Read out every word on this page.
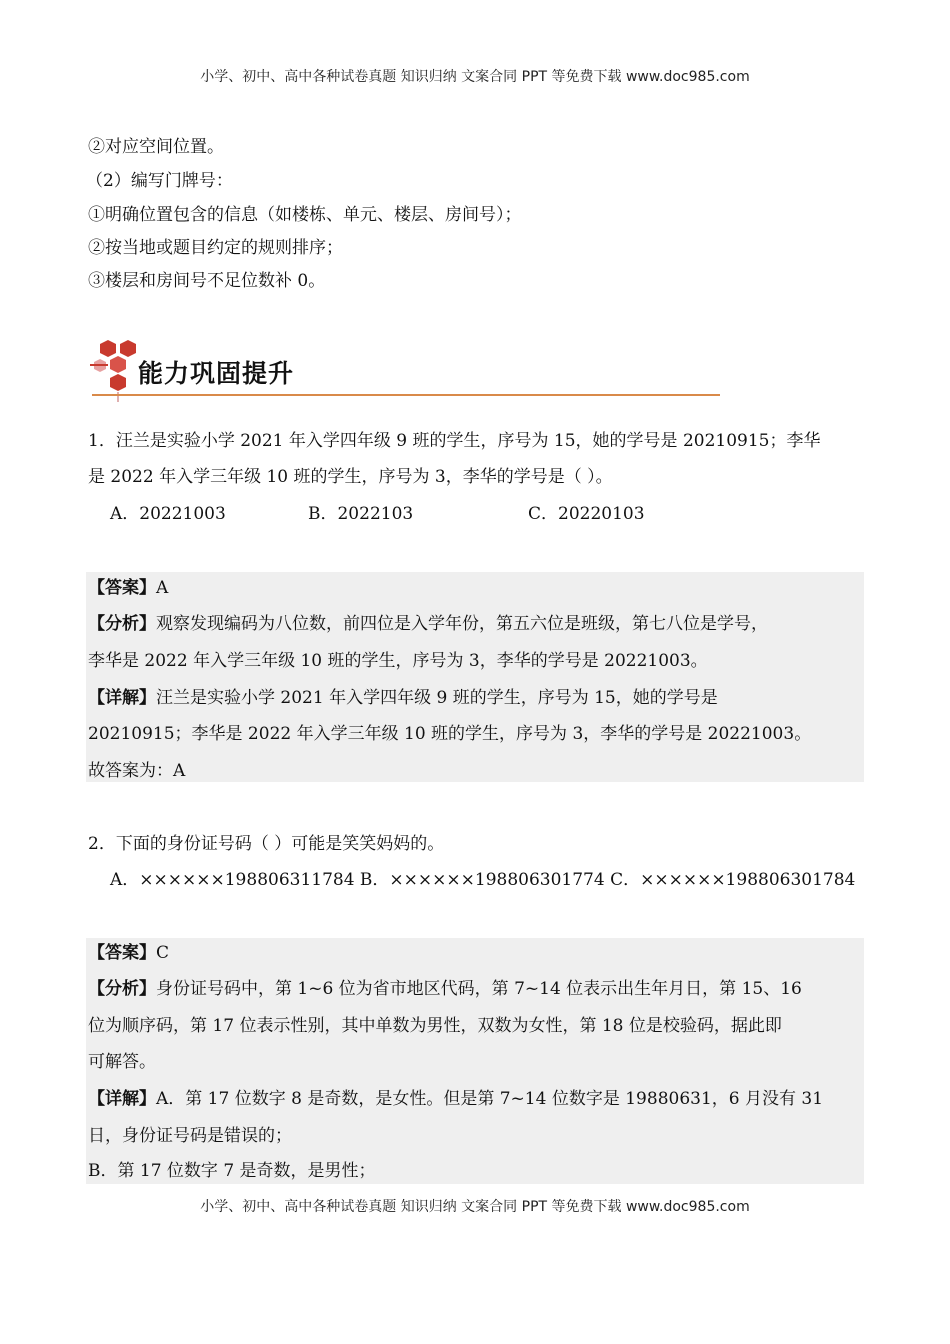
小学、初中、高中各种试卷真题 知识归纳 文案合同 PPT 等免费下载 www.doc985.com
②对应空间位置。
（2）编写门牌号：
①明确位置包含的信息（如楼栋、单元、楼层、房间号）；
②按当地或题目约定的规则排序；
③楼层和房间号不足位数补 0。
能力巩固提升
1．汪兰是实验小学 2021 年入学四年级 9 班的学生，序号为 15，她的学号是 20210915；李华
是 2022 年入学三年级 10 班的学生，序号为 3，李华的学号是（ ）。
A．20221003	B．2022103	C．20220103
【答案】A
【分析】观察发现编码为八位数，前四位是入学年份，第五六位是班级，第七八位是学号，
李华是 2022 年入学三年级 10 班的学生，序号为 3，李华的学号是 20221003。
【详解】汪兰是实验小学 2021 年入学四年级 9 班的学生，序号为 15，她的学号是
20210915；李华是 2022 年入学三年级 10 班的学生，序号为 3，李华的学号是 20221003。
故答案为：A
2．下面的身份证号码（ ）可能是笑笑妈妈的。
A．××××××198806311784 B．××××××198806301774 C．××××××198806301784
【答案】C
【分析】身份证号码中，第 1~6 位为省市地区代码，第 7~14 位表示出生年月日，第 15、16
位为顺序码，第 17 位表示性别，其中单数为男性，双数为女性，第 18 位是校验码，据此即
可解答。
【详解】A．第 17 位数字 8 是奇数，是女性。但是第 7~14 位数字是 19880631，6 月没有 31
日，身份证号码是错误的；
B．第 17 位数字 7 是奇数，是男性；
小学、初中、高中各种试卷真题 知识归纳 文案合同 PPT 等免费下载 www.doc985.com
